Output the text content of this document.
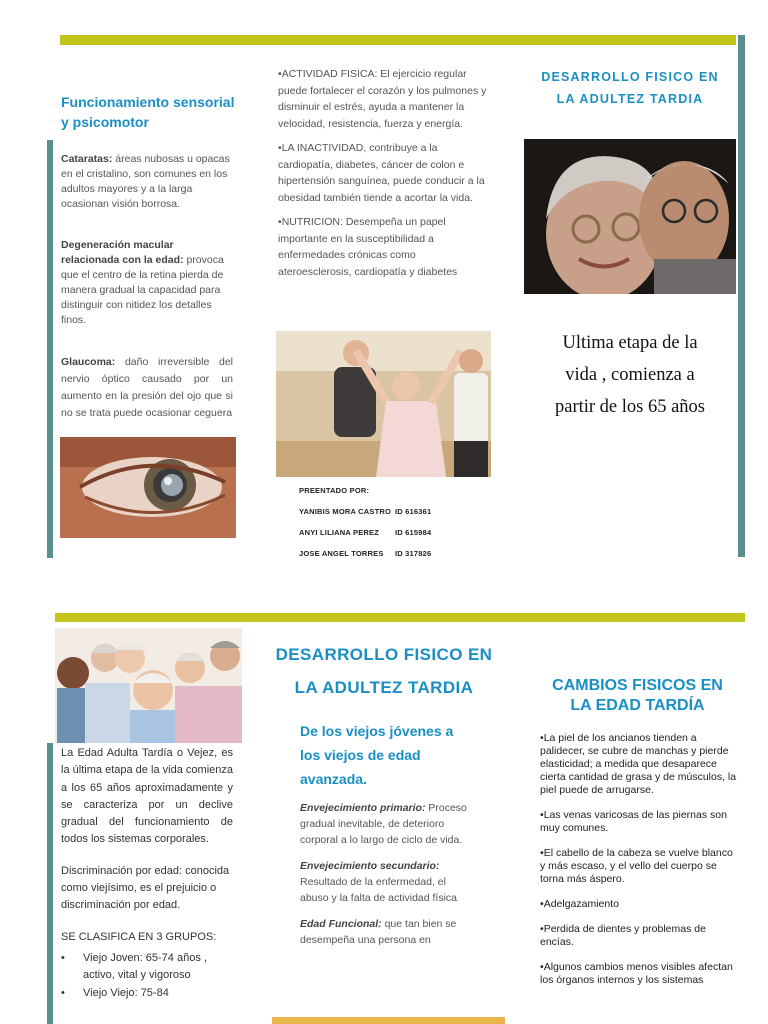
Funcionamiento sensorial y psicomotor

Cataratas: áreas nubosas u opacas en el cristalino, son comunes en los adultos mayores y a la larga ocasionan visión borrosa.

Degeneración macular relacionada con la edad: provoca que el centro de la retina pierda de manera gradual la capacidad para distinguir con nitidez los detalles finos.

Glaucoma: daño irreversible del nervio óptico causado por un aumento en la presión del ojo que si no se trata puede ocasionar ceguera

•ACTIVIDAD FISICA: El ejercicio regular puede fortalecer el corazón y los pulmones y disminuir el estrés, ayuda a mantener la velocidad, resistencia, fuerza y energía.

•LA INACTIVIDAD, contribuye a la cardiopatía, diabetes, cáncer de colon e hipertensión sanguínea, puede conducir a la obesidad también tiende a acortar la vida.

•NUTRICION: Desempeña un papel importante en la susceptibilidad a enfermedades crónicas como ateroesclerosis, cardiopatía y diabetes

PREENTADO POR:
YANIBIS MORA CASTRO ID 616361
ANYI LILIANA PEREZ ID 615984
JOSE ANGEL TORRES ID 317826
DESARROLLO FISICO EN
LA ADULTEZ TARDIA
Ultima etapa de la vida , comienza a partir de los 65 años

La Edad Adulta Tardía o Vejez, es la última etapa de la vida comienza a los 65 años aproximadamente y se caracteriza por un declive gradual del funcionamiento de todos los sistemas corporales.

Discriminación por edad: conocida como viejísimo, es el prejuicio o discriminación por edad.

SE CLASIFICA EN 3 GRUPOS:

•	Viejo Joven: 65-74 años , activo, vital y vigoroso
•	Viejo Viejo: 75-84
DESARROLLO FISICO EN
LA ADULTEZ TARDIA
De los viejos jóvenes a los viejos de edad avanzada.

Envejecimiento primario: Proceso gradual inevitable, de deterioro corporal a lo largo de ciclo de vida.

Envejecimiento secundario: Resultado de la enfermedad, el abuso y la falta de actividad física

Edad Funcional: que tan bien se desempeña una persona en

CAMBIOS FISICOS EN
LA EDAD TARDÍA

•La piel de los ancianos tienden a palidecer, se cubre de manchas y pierde elasticidad; a medida que desaparece cierta cantidad de grasa y de músculos, la piel puede de arrugarse.

•Las venas varicosas de las piernas son muy comunes.

•El cabello de la cabeza se vuelve blanco y más escaso, y el vello del cuerpo se torna más áspero.

•Adelgazamiento

•Perdida de dientes y problemas de encías.

•Algunos cambios menos visibles afectan los órganos internos y los sistemas
